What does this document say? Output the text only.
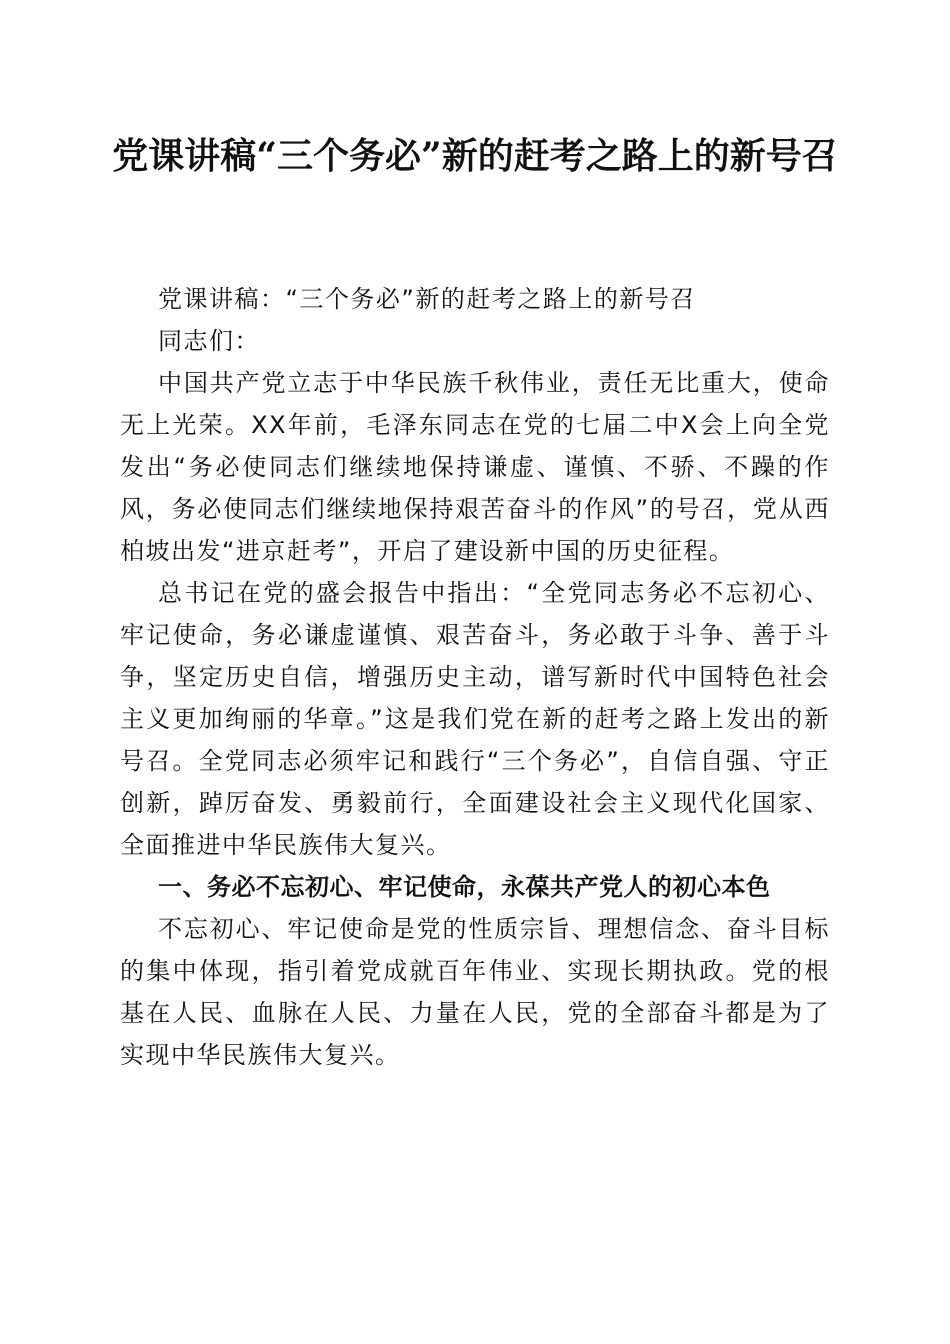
党课讲稿“三个务必”新的赶考之路上的新号召

党课讲稿：“三个务必”新的赶考之路上的新号召

同志们：

中国共产党立志于中华民族千秋伟业，责任无比重大，使命无上光荣。XX年前，毛泽东同志在党的七届二中X会上向全党发出“务必使同志们继续地保持谦虚、谨慎、不骄、不躁的作风，务必使同志们继续地保持艰苦奋斗的作风”的号召，党从西柏坡出发“进京赶考”，开启了建设新中国的历史征程。

总书记在党的盛会报告中指出：“全党同志务必不忘初心、牢记使命，务必谦虚谨慎、艰苦奋斗，务必敢于斗争、善于斗争，坚定历史自信，增强历史主动，谱写新时代中国特色社会主义更加绚丽的华章。”这是我们党在新的赶考之路上发出的新号召。全党同志必须牢记和践行“三个务必”，自信自强、守正创新，踔厉奋发、勇毅前行，全面建设社会主义现代化国家、全面推进中华民族伟大复兴。

一、务必不忘初心、牢记使命，永葆共产党人的初心本色

不忘初心、牢记使命是党的性质宗旨、理想信念、奋斗目标的集中体现，指引着党成就百年伟业、实现长期执政。党的根基在人民、血脉在人民、力量在人民，党的全部奋斗都是为了实现中华民族伟大复兴。
